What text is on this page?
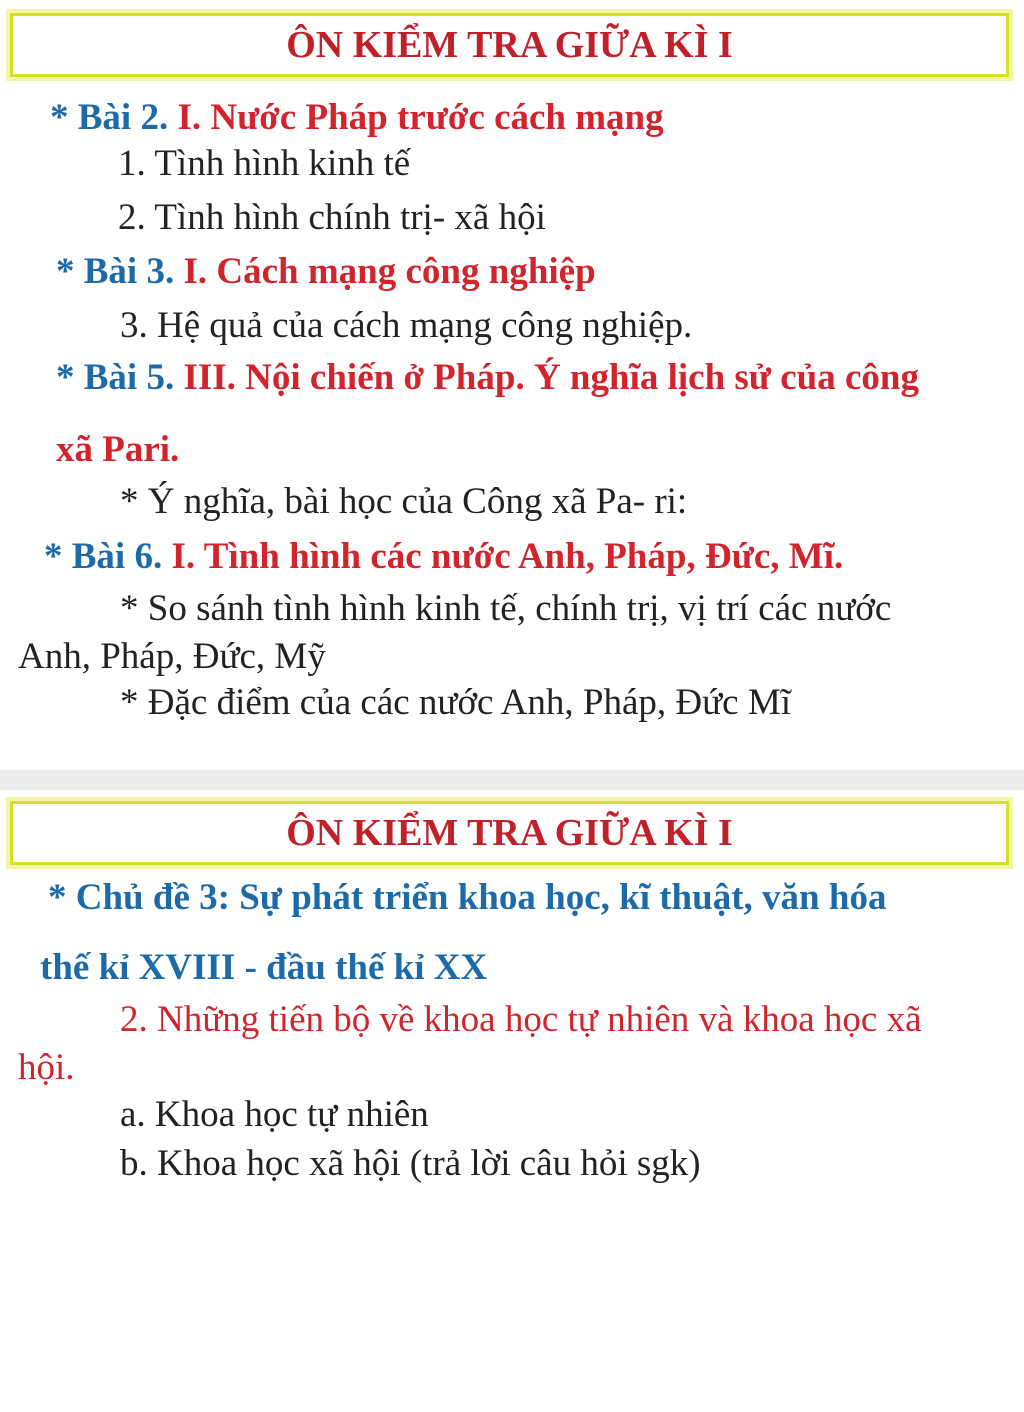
ÔN KIỂM TRA GIỮA KÌ I
* Bài 2. I. Nước Pháp trước cách mạng
1. Tình hình kinh tế
2. Tình hình chính trị- xã hội
* Bài 3. I. Cách mạng công nghiệp
3. Hệ quả của cách mạng công nghiệp.
* Bài 5. III. Nội chiến ở Pháp. Ý nghĩa lịch sử của công
xã Pari.
* Ý nghĩa, bài học của Công xã Pa- ri:
* Bài 6. I. Tình hình các nước Anh, Pháp, Đức, Mĩ.
* So sánh tình hình kinh tế, chính trị, vị trí các nước
Anh, Pháp, Đức, Mỹ
* Đặc điểm của các nước Anh, Pháp, Đức Mĩ
ÔN KIỂM TRA GIỮA KÌ I
* Chủ đề 3: Sự phát triển khoa học, kĩ thuật, văn hóa
thế kỉ XVIII - đầu thế kỉ XX
2. Những tiến bộ về khoa học tự nhiên và khoa học xã
hội.
a. Khoa học tự nhiên
b. Khoa học xã hội (trả lời câu hỏi sgk)
